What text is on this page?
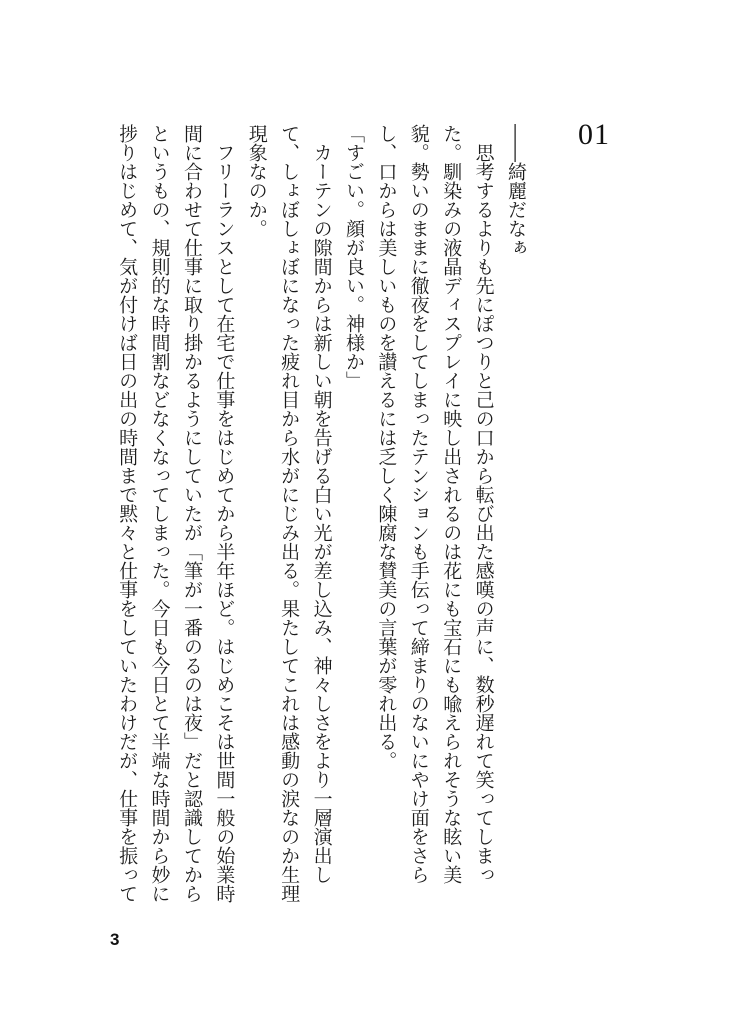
01

――綺麗だなぁ

思考するよりも先にぽつりと己の口から転び出た感嘆の声に、数秒遅れて笑ってしまった。馴染みの液晶ディスプレイに映し出されるのは花にも宝石にも喩えられそうな眩い美貌。勢いのままに徹夜をしてしまったテンションも手伝って締まりのないにやけ面をさらし、口からは美しいものを讃えるには乏しく陳腐な賛美の言葉が零れ出る。

「すごい。顔が良い。神様か」

カーテンの隙間からは新しい朝を告げる白い光が差し込み、神々しさをより一層演出して、しょぼしょぼになった疲れ目から水がにじみ出る。果たしてこれは感動の涙なのか生理現象なのか。

フリーランスとして在宅で仕事をはじめてから半年ほど。はじめこそは世間一般の始業時間に合わせて仕事に取り掛かるようにしていたが「筆が一番のるのは夜」だと認識してからというもの、規則的な時間割などなくなってしまった。今日も今日とて半端な時間から妙に捗りはじめて、気が付けば日の出の時間まで黙々と仕事をしていたわけだが、仕事を振って

3
